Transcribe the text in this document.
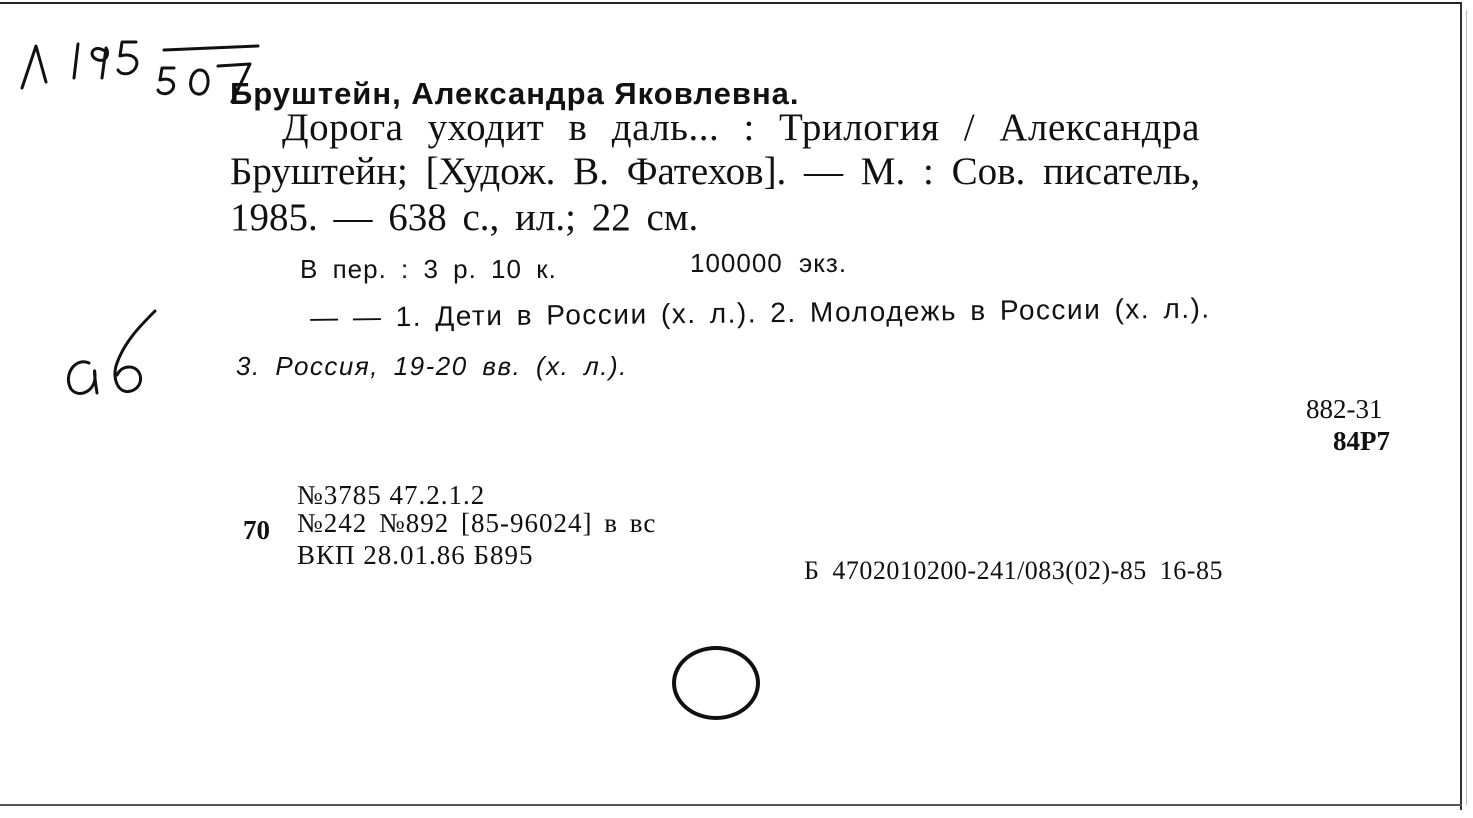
Бруштейн, Александра Яковлевна.
Дорога уходит в даль... : Трилогия / Александра
Бруштейн; [Худож. В. Фатехов]. — М. : Сов. писатель,
1985. — 638 с., ил.; 22 см.
В пер. : 3 р. 10 к.	100000 экз.
— — 1. Дети в России (х. л.). 2. Молодежь в России (х. л.).
3. Россия, 19-20 вв. (х. л.).
882-31
84Р7
№3785 47.2.1.2
70 №242 №892 [85-96024] в вс
ВКП 28.01.86 Б895
Б 4702010200-241/083(02)-85 16-85
